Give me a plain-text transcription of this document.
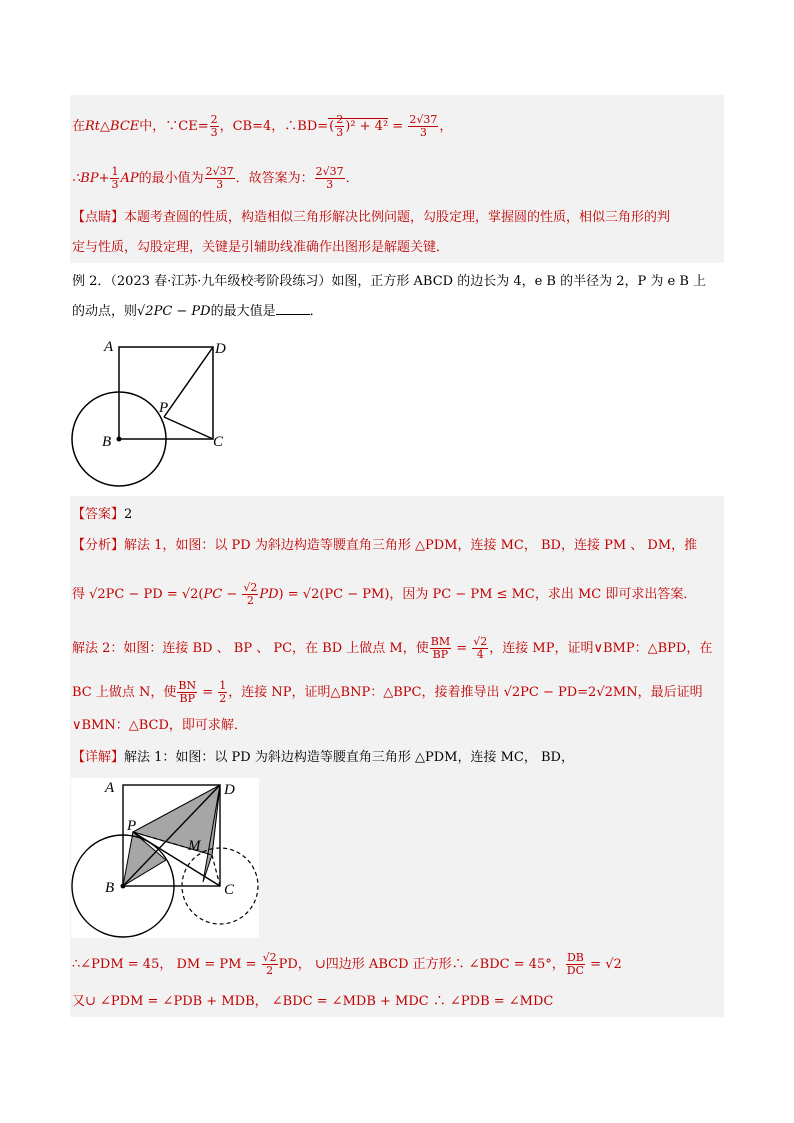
在Rt△BCE中，∵CE= $\frac{2}{3}$ ，CB=4，∴BD=( $\frac{2}{3} )^2 + 4^2 = \frac{2√37}{3}$ ，
∴BP+ $\frac{1}{3}$ AP的最小值为 $\frac{2√37}{3}$ ．故答案为： $\frac{2√37}{3}$ ．
【点睛】本题考查圆的性质，构造相似三角形解决比例问题，勾股定理，掌握圆的性质，相似三角形的判
定与性质，勾股定理，关键是引辅助线准确作出图形是解题关键．
例 2．（2023 春·江苏·九年级校考阶段练习）如图，正方形 ABCD 的边长为 4，e B 的半径为 2，P 为 e B 上
的动点，则√2PC − PD的最大值是	．
A	D
P
B	C
【答案】2
【分析】解法 1，如图：以 PD 为斜边构造等腰直角三角形 △PDM，连接 MC， BD，连接 PM 、 DM，推
得 √2PC − PD = $√2(PC - \frac{√2}{2} PD) = √2(PC - PM)$，因为 PC − PM ≤ MC，求出 MC 即可求出答案．
解法 2：如图：连接 BD 、 BP 、 PC，在 BD 上做点 M，使 $\frac{BM}{BP} = \frac{√2}{4}$ ，连接 MP，证明∨BMP：△BPD，在
BC 上做点 N，使 $\frac{BN}{BP} = \frac{1}{2}$ ，连接 NP，证明△BNP：△BPC，接着推导出 √2PC − PD=2√2MN，最后证明
∨BMN：△BCD，即可求解．
【详解】解法 1：如图：以 PD 为斜边构造等腰直角三角形 △PDM，连接 MC， BD，
A	D
P
M
B	C
∴∠PDM = 45， DM = PM = $\frac{√2}{2}$ PD， ∪四边形 ABCD 正方形∴ ∠BDC = 45°， $\frac{DB}{DC} = √2$
又∪ ∠PDM = ∠PDB + MDB， ∠BDC = ∠MDB + MDC ∴ ∠PDB = ∠MDC
